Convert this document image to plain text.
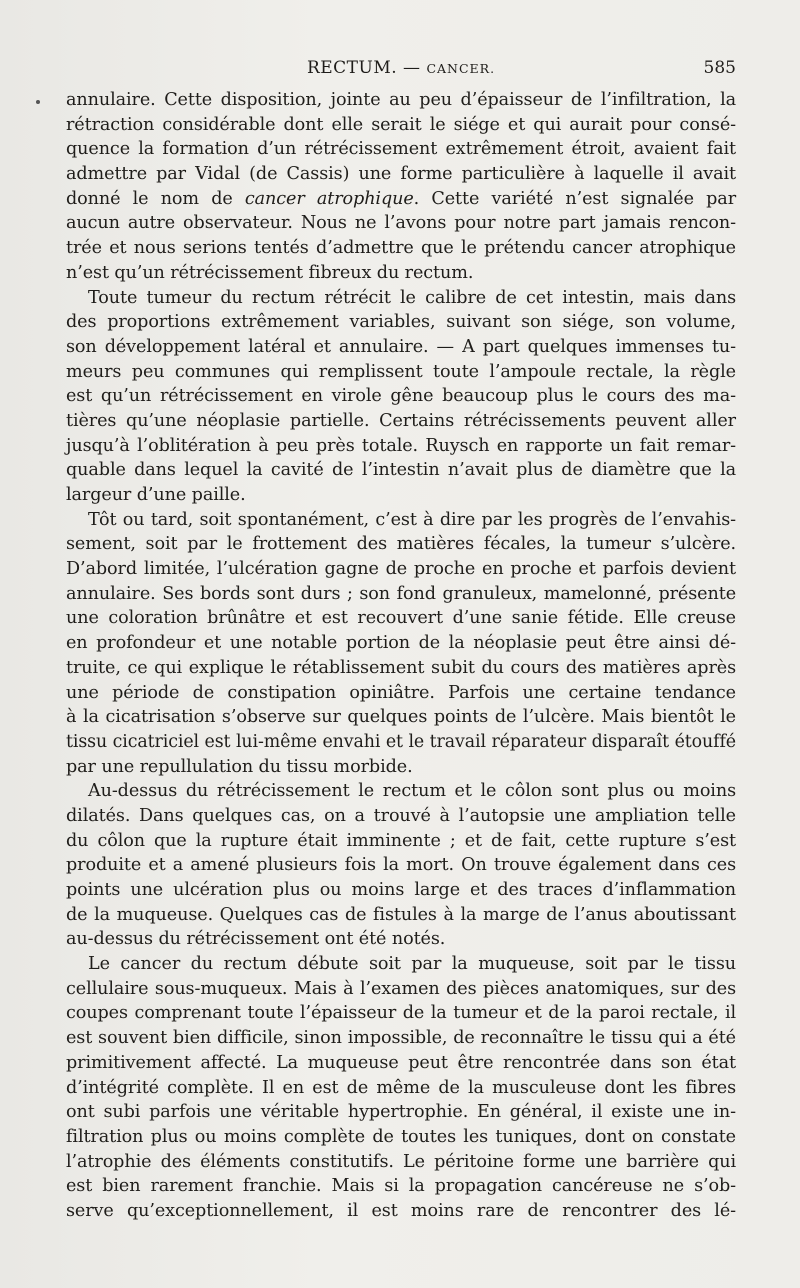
RECTUM. — CANCER.	585
annulaire. Cette disposition, jointe au peu d’épaisseur de l’infiltration, la
rétraction considérable dont elle serait le siége et qui aurait pour consé-
quence la formation d’un rétrécissement extrêmement étroit, avaient fait
admettre par Vidal (de Cassis) une forme particulière à laquelle il avait
donné le nom de cancer atrophique. Cette variété n’est signalée par
aucun autre observateur. Nous ne l’avons pour notre part jamais rencon-
trée et nous serions tentés d’admettre que le prétendu cancer atrophique
n’est qu’un rétrécissement fibreux du rectum.
Toute tumeur du rectum rétrécit le calibre de cet intestin, mais dans
des proportions extrêmement variables, suivant son siége, son volume,
son développement latéral et annulaire. — A part quelques immenses tu-
meurs peu communes qui remplissent toute l’ampoule rectale, la règle
est qu’un rétrécissement en virole gêne beaucoup plus le cours des ma-
tières qu’une néoplasie partielle. Certains rétrécissements peuvent aller
jusqu’à l’oblitération à peu près totale. Ruysch en rapporte un fait remar-
quable dans lequel la cavité de l’intestin n’avait plus de diamètre que la
largeur d’une paille.
Tôt ou tard, soit spontanément, c’est à dire par les progrès de l’envahis-
sement, soit par le frottement des matières fécales, la tumeur s’ulcère.
D’abord limitée, l’ulcération gagne de proche en proche et parfois devient
annulaire. Ses bords sont durs ; son fond granuleux, mamelonné, présente
une coloration brûnâtre et est recouvert d’une sanie fétide. Elle creuse
en profondeur et une notable portion de la néoplasie peut être ainsi dé-
truite, ce qui explique le rétablissement subit du cours des matières après
une période de constipation opiniâtre. Parfois une certaine tendance
à la cicatrisation s’observe sur quelques points de l’ulcère. Mais bientôt le
tissu cicatriciel est lui-même envahi et le travail réparateur disparaît étouffé
par une repullulation du tissu morbide.
Au-dessus du rétrécissement le rectum et le côlon sont plus ou moins
dilatés. Dans quelques cas, on a trouvé à l’autopsie une ampliation telle
du côlon que la rupture était imminente ; et de fait, cette rupture s’est
produite et a amené plusieurs fois la mort. On trouve également dans ces
points une ulcération plus ou moins large et des traces d’inflammation
de la muqueuse. Quelques cas de fistules à la marge de l’anus aboutissant
au-dessus du rétrécissement ont été notés.
Le cancer du rectum débute soit par la muqueuse, soit par le tissu
cellulaire sous-muqueux. Mais à l’examen des pièces anatomiques, sur des
coupes comprenant toute l’épaisseur de la tumeur et de la paroi rectale, il
est souvent bien difficile, sinon impossible, de reconnaître le tissu qui a été
primitivement affecté. La muqueuse peut être rencontrée dans son état
d’intégrité complète. Il en est de même de la musculeuse dont les fibres
ont subi parfois une véritable hypertrophie. En général, il existe une in-
filtration plus ou moins complète de toutes les tuniques, dont on constate
l’atrophie des éléments constitutifs. Le péritoine forme une barrière qui
est bien rarement franchie. Mais si la propagation cancéreuse ne s’ob-
serve qu’exceptionnellement, il est moins rare de rencontrer des lé-
